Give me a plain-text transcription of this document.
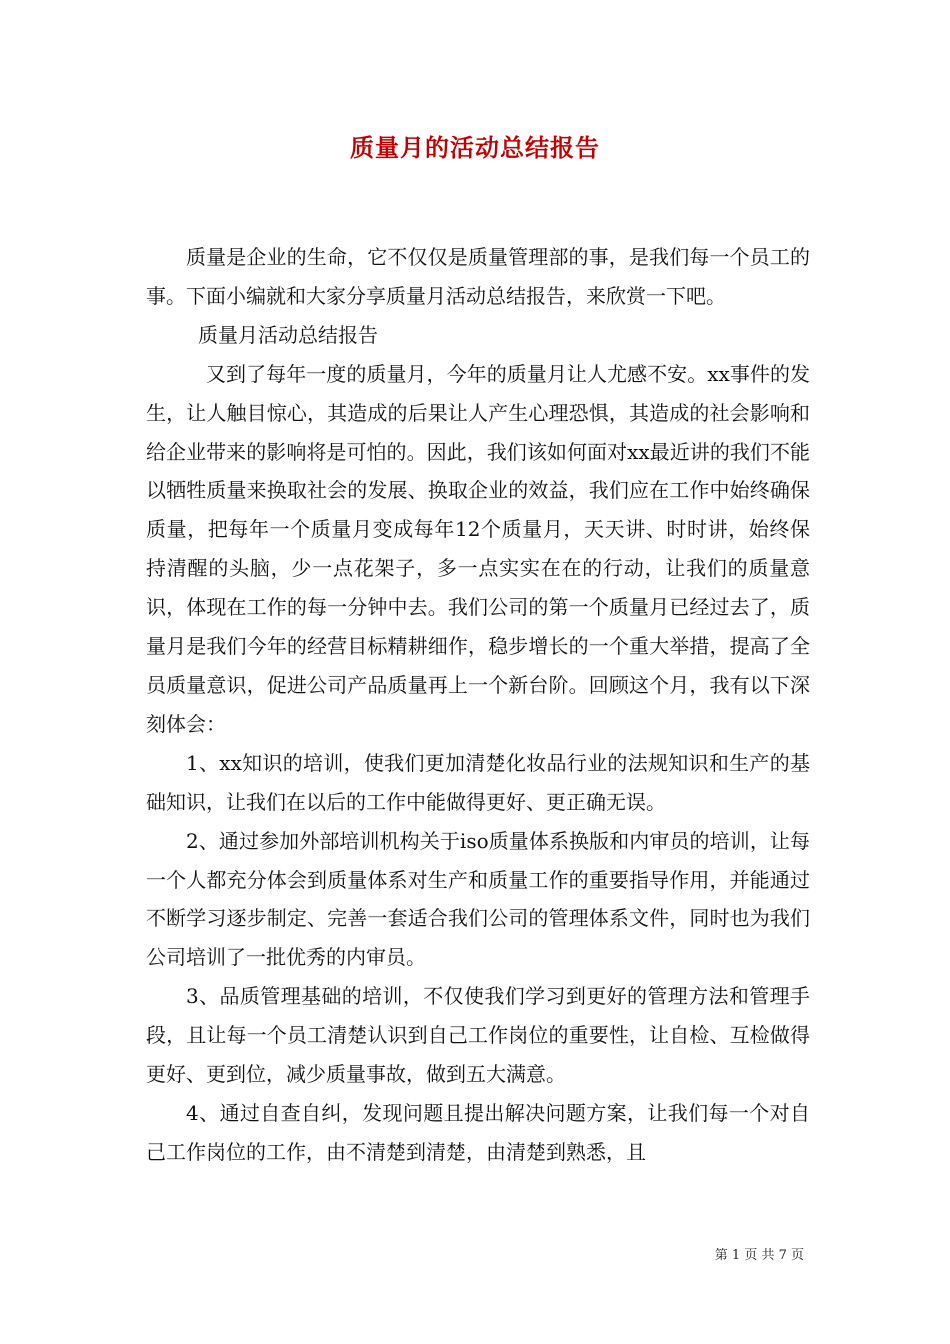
质量月的活动总结报告

质量是企业的生命，它不仅仅是质量管理部的事，是我们每一个员工的事。下面小编就和大家分享质量月活动总结报告，来欣赏一下吧。

质量月活动总结报告

又到了每年一度的质量月，今年的质量月让人尤感不安。xx事件的发生，让人触目惊心，其造成的后果让人产生心理恐惧，其造成的社会影响和给企业带来的影响将是可怕的。因此，我们该如何面对xx最近讲的我们不能以牺牲质量来换取社会的发展、换取企业的效益，我们应在工作中始终确保质量，把每年一个质量月变成每年12个质量月，天天讲、时时讲，始终保持清醒的头脑，少一点花架子，多一点实实在在的行动，让我们的质量意识，体现在工作的每一分钟中去。我们公司的第一个质量月已经过去了，质量月是我们今年的经营目标精耕细作，稳步增长的一个重大举措，提高了全员质量意识，促进公司产品质量再上一个新台阶。回顾这个月，我有以下深刻体会：

1、xx知识的培训，使我们更加清楚化妆品行业的法规知识和生产的基础知识，让我们在以后的工作中能做得更好、更正确无误。

2、通过参加外部培训机构关于iso质量体系换版和内审员的培训，让每一个人都充分体会到质量体系对生产和质量工作的重要指导作用，并能通过不断学习逐步制定、完善一套适合我们公司的管理体系文件，同时也为我们公司培训了一批优秀的内审员。

3、品质管理基础的培训，不仅使我们学习到更好的管理方法和管理手段，且让每一个员工清楚认识到自己工作岗位的重要性，让自检、互检做得更好、更到位，减少质量事故，做到五大满意。

4、通过自查自纠，发现问题且提出解决问题方案，让我们每一个对自己工作岗位的工作，由不清楚到清楚，由清楚到熟悉，且

第 1 页 共 7 页
